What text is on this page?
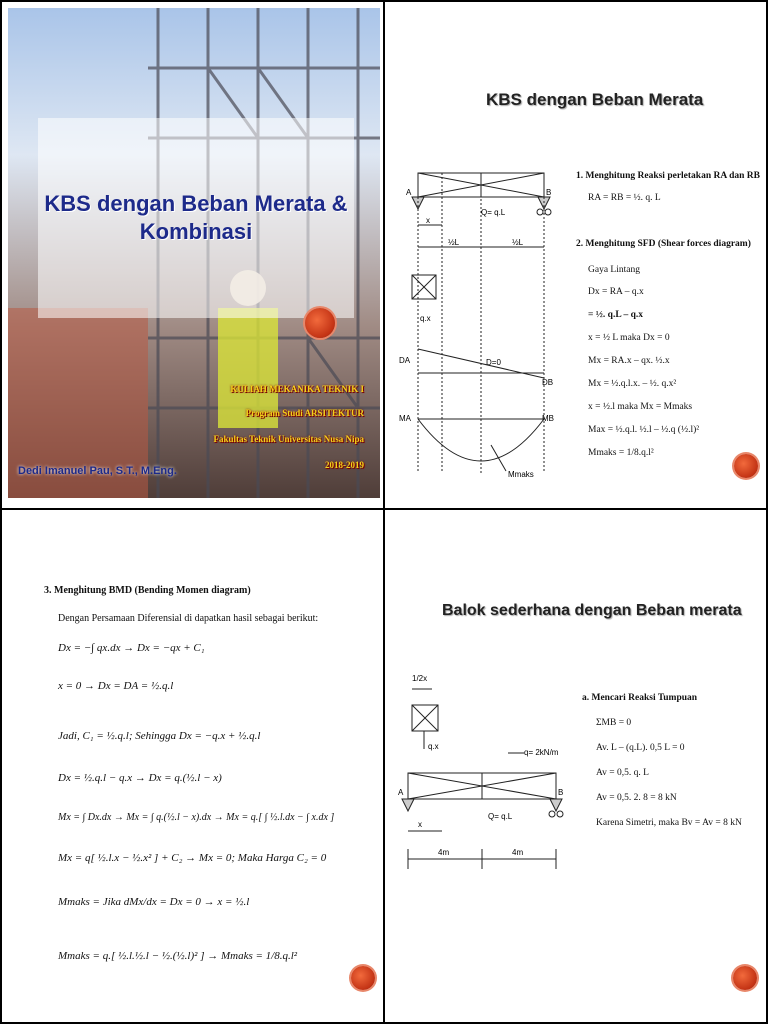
KBS dengan Beban Merata &
Kombinasi
KULIAH MEKANIKA TEKNIK I
Program Studi ARSITEKTUR
Fakultas Teknik Universitas Nusa Nipa
2018-2019
Dedi Imanuel Pau, S.T., M.Eng.
KBS dengan Beban Merata
A	B
x
Q= q.L
½L	½L
q.x
DA	D=0
DB
MA	MB
Mmaks
1. Menghitung Reaksi perletakan RA dan RB
RA = RB = ½. q. L
2. Menghitung SFD (Shear forces diagram)
Gaya Lintang
Dx = RA – q.x
= ½. q.L – q.x
x = ½ L maka Dx = 0
Mx = RA.x – qx. ½.x
Mx = ½.q.l.x. – ½. q.x²
x = ½.l maka Mx = Mmaks
Max = ½.q.l. ½.l – ½.q (½.l)²
Mmaks = 1/8.q.l²
3. Menghitung BMD (Bending Momen diagram)
Dengan Persamaan Diferensial di dapatkan hasil sebagai berikut:
Dx = −∫ qx.dx → Dx = −qx + C₁
x = 0 → Dx = DA = ½.q.l
Jadi, C₁ = ½.q.l; Sehingga Dx = −q.x + ½.q.l
Dx = ½.q.l − q.x → Dx = q.(½.l − x)
Mx = ∫ Dx.dx → Mx = ∫ q.(½.l − x).dx → Mx = q.[ ∫ ½.l.dx − ∫ x.dx ]
Mx = q[ ½.l.x − ½.x² ] + C₂ → Mx = 0; Maka Harga C₂ = 0
Mmaks = Jika dMx/dx = Dx = 0 → x = ½.l
Mmaks = q.[ ½.l.½.l − ½.(½.l)² ] → Mmaks = 1/8.q.l²
Balok sederhana dengan Beban merata
1/2x
q.x
q= 2kN/m
A	B
x
Q= q.L
4m	4m
a. Mencari Reaksi Tumpuan
ΣMB = 0
Av. L – (q.L). 0,5 L = 0
Av = 0,5. q. L
Av = 0,5. 2. 8 = 8 kN
Karena Simetri, maka Bv = Av = 8 kN
